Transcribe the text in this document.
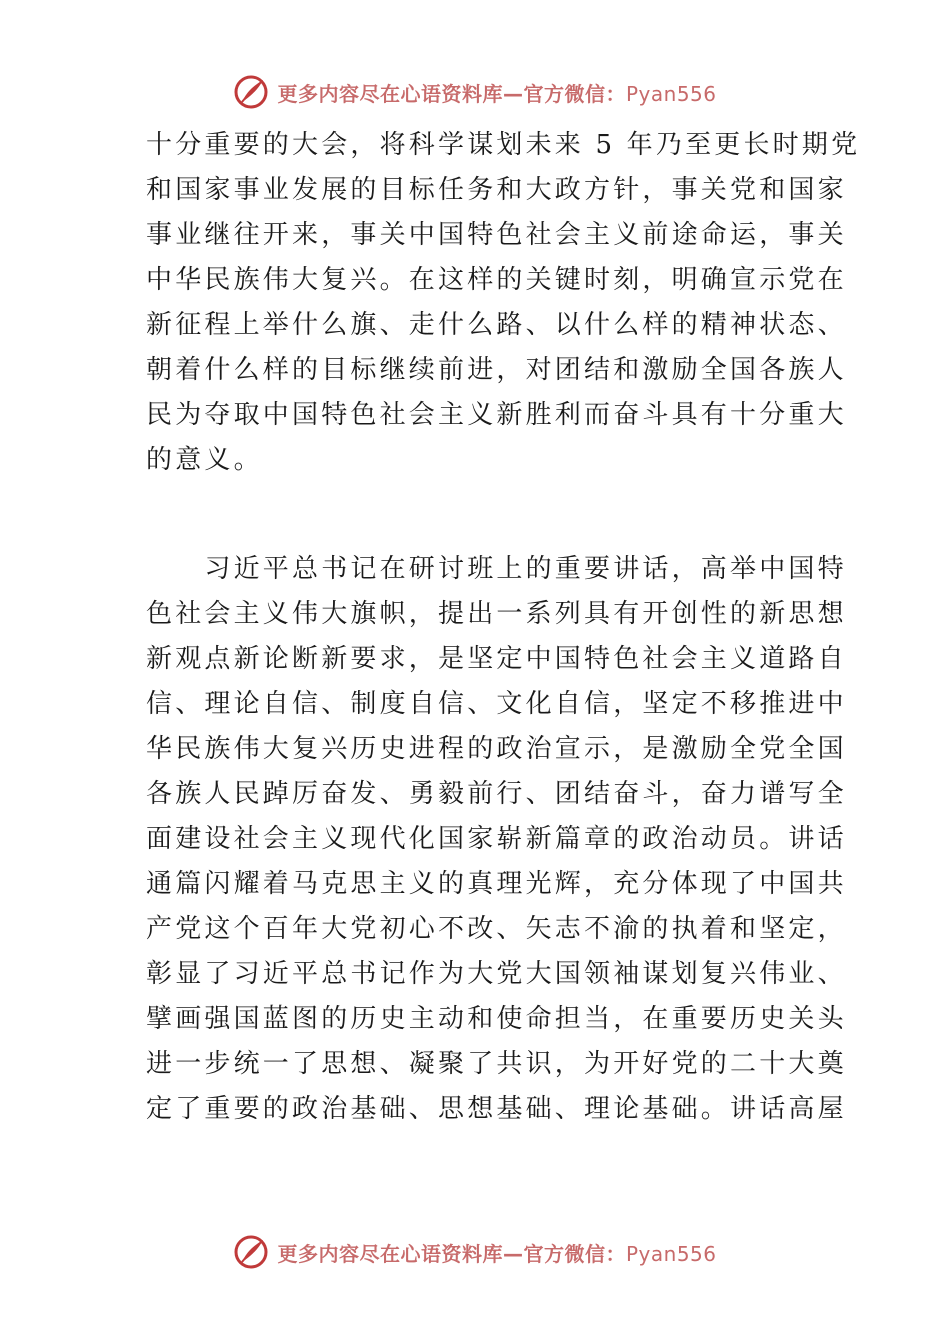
更多内容尽在心语资料库—官方微信：Pyan556
十分重要的大会，将科学谋划未来 5 年乃至更长时期党
和国家事业发展的目标任务和大政方针，事关党和国家
事业继往开来，事关中国特色社会主义前途命运，事关
中华民族伟大复兴。在这样的关键时刻，明确宣示党在
新征程上举什么旗、走什么路、以什么样的精神状态、
朝着什么样的目标继续前进，对团结和激励全国各族人
民为夺取中国特色社会主义新胜利而奋斗具有十分重大
的意义。
　　习近平总书记在研讨班上的重要讲话，高举中国特
色社会主义伟大旗帜，提出一系列具有开创性的新思想
新观点新论断新要求，是坚定中国特色社会主义道路自
信、理论自信、制度自信、文化自信，坚定不移推进中
华民族伟大复兴历史进程的政治宣示，是激励全党全国
各族人民踔厉奋发、勇毅前行、团结奋斗，奋力谱写全
面建设社会主义现代化国家崭新篇章的政治动员。讲话
通篇闪耀着马克思主义的真理光辉，充分体现了中国共
产党这个百年大党初心不改、矢志不渝的执着和坚定，
彰显了习近平总书记作为大党大国领袖谋划复兴伟业、
擘画强国蓝图的历史主动和使命担当，在重要历史关头
进一步统一了思想、凝聚了共识，为开好党的二十大奠
定了重要的政治基础、思想基础、理论基础。讲话高屋
更多内容尽在心语资料库—官方微信：Pyan556
